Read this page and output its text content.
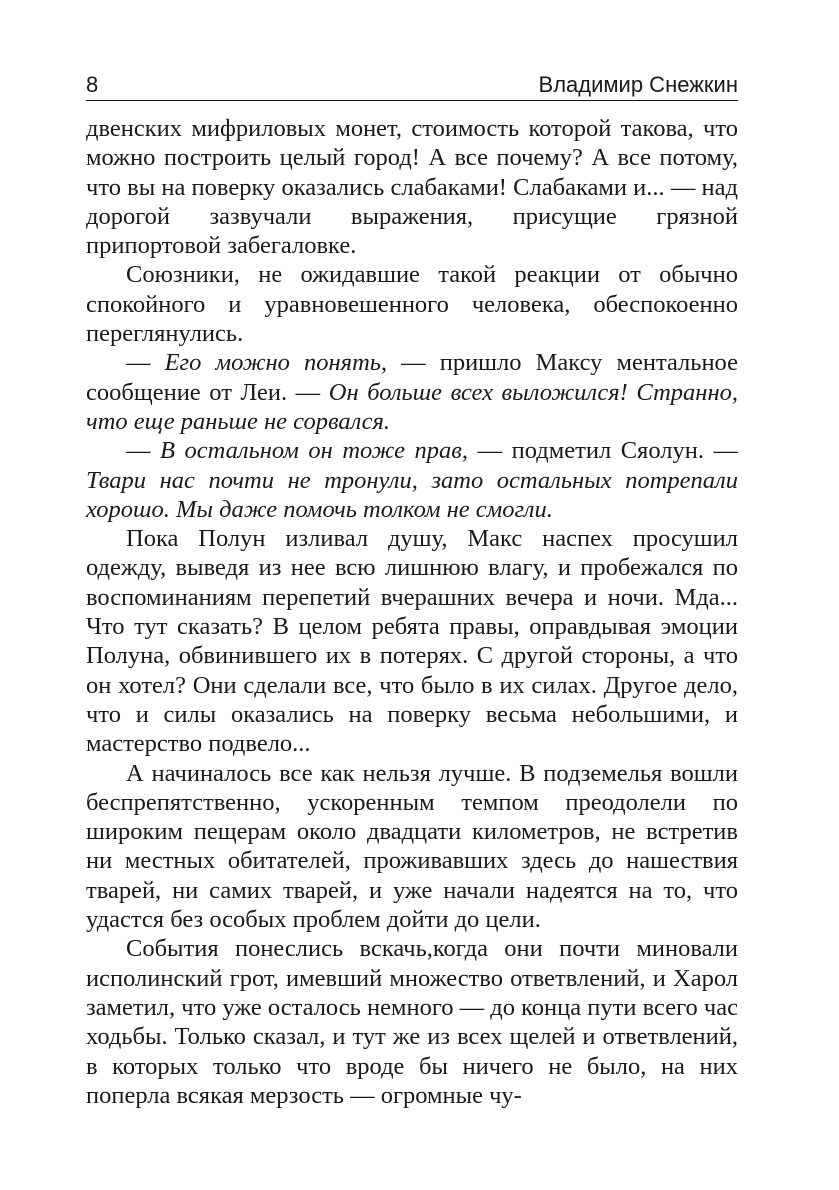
8	Владимир Снежкин

двенских мифриловых монет, стоимость которой такова, что можно построить целый город! А все почему? А все потому, что вы на поверку оказались слабаками! Слабаками и... — над дорогой зазвучали выражения, присущие грязной припортовой забегаловке.

Союзники, не ожидавшие такой реакции от обычно спокойного и уравновешенного человека, обеспокоенно переглянулись.

— Его можно понять, — пришло Максу ментальное сообщение от Леи. — Он больше всех выложился! Странно, что еще раньше не сорвался.

— В остальном он тоже прав, — подметил Сяолун. — Твари нас почти не тронули, зато остальных потрепали хорошо. Мы даже помочь толком не смогли.

Пока Полун изливал душу, Макс наспех просушил одежду, выведя из нее всю лишнюю влагу, и пробежался по воспоминаниям перепетий вчерашних вечера и ночи. Мда... Что тут сказать? В целом ребята правы, оправдывая эмоции Полуна, обвинившего их в потерях. С другой стороны, а что он хотел? Они сделали все, что было в их силах. Другое дело, что и силы оказались на поверку весьма небольшими, и мастерство подвело...

А начиналось все как нельзя лучше. В подземелья вошли беспрепятственно, ускоренным темпом преодолели по широким пещерам около двадцати километров, не встретив ни местных обитателей, проживавших здесь до нашествия тварей, ни самих тварей, и уже начали надеятся на то, что удастся без особых проблем дойти до цели.

События понеслись вскачь,когда они почти миновали исполинский грот, имевший множество ответвлений, и Харол заметил, что уже осталось немного — до конца пути всего час ходьбы. Только сказал, и тут же из всех щелей и ответвлений, в которых только что вроде бы ничего не было, на них поперла всякая мерзость — огромные чу-
